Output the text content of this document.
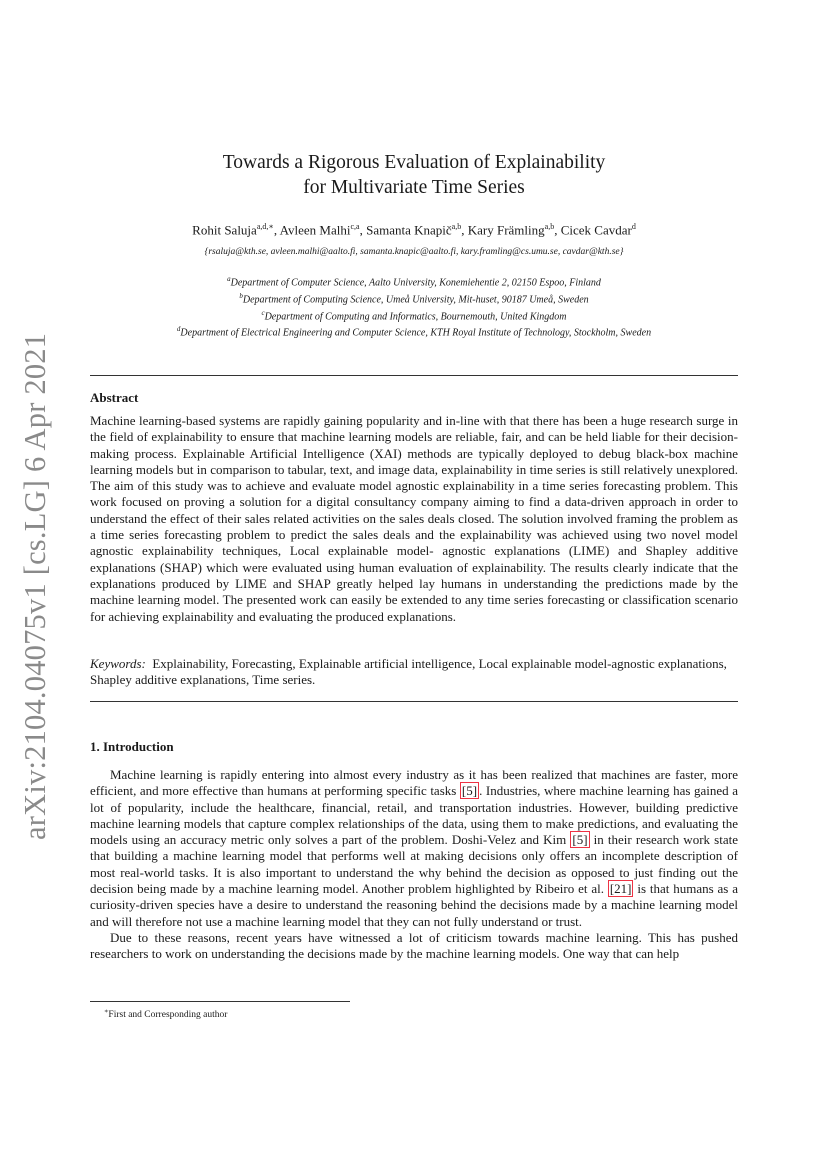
arXiv:2104.04075v1 [cs.LG] 6 Apr 2021
Towards a Rigorous Evaluation of Explainability
for Multivariate Time Series
Rohit Saluja$^{a,d,∗}$, Avleen Malhi$^{c,a}$, Samanta Knapič$^{a,b}$, Kary Främling$^{a,b}$, Cicek Cavdar$^d$
{rsaluja@kth.se, avleen.malhi@aalto.fi, samanta.knapic@aalto.fi, kary.framling@cs.umu.se, cavdar@kth.se}
$^a$Department of Computer Science, Aalto University, Konemiehentie 2, 02150 Espoo, Finland
$^b$Department of Computing Science, Umeå University, Mit-huset, 90187 Umeå, Sweden
$^c$Department of Computing and Informatics, Bournemouth, United Kingdom
$^d$Department of Electrical Engineering and Computer Science, KTH Royal Institute of Technology, Stockholm, Sweden
Abstract

Machine learning-based systems are rapidly gaining popularity and in-line with that there has been a huge research surge in the field of explainability to ensure that machine learning models are reliable, fair, and can be held liable for their decision-making process. Explainable Artificial Intelligence (XAI) methods are typically deployed to debug black-box machine learning models but in comparison to tabular, text, and image data, explainability in time series is still relatively unexplored. The aim of this study was to achieve and evaluate model agnostic explainability in a time series forecasting problem. This work focused on proving a solution for a digital consultancy company aiming to find a data-driven approach in order to understand the effect of their sales related activities on the sales deals closed. The solution involved framing the problem as a time series forecasting problem to predict the sales deals and the explainability was achieved using two novel model agnostic explainability techniques, Local explainable model- agnostic explanations (LIME) and Shapley additive explanations (SHAP) which were evaluated using human evaluation of explainability. The results clearly indicate that the explanations produced by LIME and SHAP greatly helped lay humans in understanding the predictions made by the machine learning model. The presented work can easily be extended to any time series forecasting or classification scenario for achieving explainability and evaluating the produced explanations.

Keywords: Explainability, Forecasting, Explainable artificial intelligence, Local explainable model-agnostic explanations, Shapley additive explanations, Time series.

1. Introduction

Machine learning is rapidly entering into almost every industry as it has been realized that machines are faster, more efficient, and more effective than humans at performing specific tasks [5] . Industries, where machine learning has gained a lot of popularity, include the healthcare, financial, retail, and transportation industries. However, building predictive machine learning models that capture complex relationships of the data, using them to make predictions, and evaluating the models using an accuracy metric only solves a part of the problem. Doshi-Velez and Kim [5] in their research work state that building a machine learning model that performs well at making decisions only offers an incomplete description of most real-world tasks. It is also important to understand the why behind the decision as opposed to just finding out the decision being made by a machine learning model. Another problem highlighted by Ribeiro et al. [21] is that humans as a curiosity-driven species have a desire to understand the reasoning behind the decisions made by a machine learning model and will therefore not use a machine learning model that they can not fully understand or trust.

Due to these reasons, recent years have witnessed a lot of criticism towards machine learning. This has pushed researchers to work on understanding the decisions made by the machine learning models. One way that can help

∗First and Corresponding author
